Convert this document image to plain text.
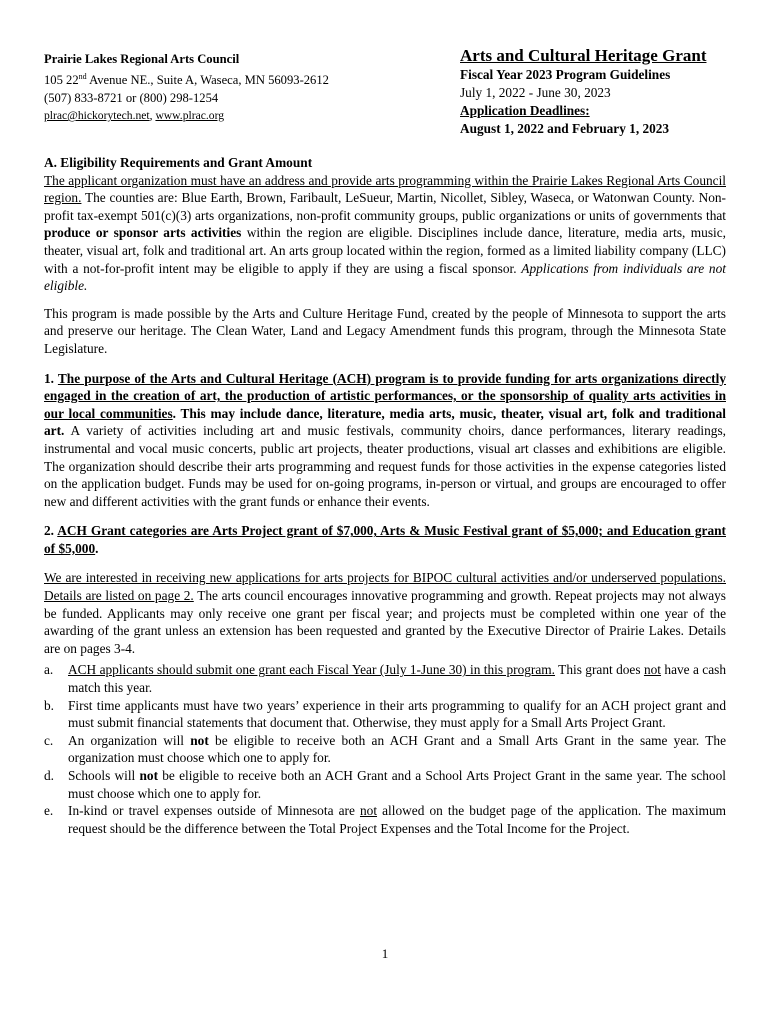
Prairie Lakes Regional Arts Council
105 22nd Avenue NE., Suite A, Waseca, MN 56093-2612
(507) 833-8721 or (800) 298-1254
plrac@hickorytech.net, www.plrac.org
Arts and Cultural Heritage Grant
Fiscal Year 2023 Program Guidelines
July 1, 2022 - June 30, 2023
Application Deadlines:
August 1, 2022 and February 1, 2023

A. Eligibility Requirements and Grant Amount

The applicant organization must have an address and provide arts programming within the Prairie Lakes Regional Arts Council region. The counties are: Blue Earth, Brown, Faribault, LeSueur, Martin, Nicollet, Sibley, Waseca, or Watonwan County. Non-profit tax-exempt 501(c)(3) arts organizations, non-profit community groups, public organizations or units of governments that produce or sponsor arts activities within the region are eligible. Disciplines include dance, literature, media arts, music, theater, visual art, folk and traditional art. An arts group located within the region, formed as a limited liability company (LLC) with a not-for-profit intent may be eligible to apply if they are using a fiscal sponsor. Applications from individuals are not eligible.

This program is made possible by the Arts and Culture Heritage Fund, created by the people of Minnesota to support the arts and preserve our heritage. The Clean Water, Land and Legacy Amendment funds this program, through the Minnesota State Legislature.

1. The purpose of the Arts and Cultural Heritage (ACH) program is to provide funding for arts organizations directly engaged in the creation of art, the production of artistic performances, or the sponsorship of quality arts activities in our local communities. This may include dance, literature, media arts, music, theater, visual art, folk and traditional art. A variety of activities including art and music festivals, community choirs, dance performances, literary readings, instrumental and vocal music concerts, public art projects, theater productions, visual art classes and exhibitions are eligible. The organization should describe their arts programming and request funds for those activities in the expense categories listed on the application budget. Funds may be used for on-going programs, in-person or virtual, and groups are encouraged to offer new and different activities with the grant funds or enhance their events.

2. ACH Grant categories are Arts Project grant of $7,000, Arts & Music Festival grant of $5,000; and Education grant of $5,000.

We are interested in receiving new applications for arts projects for BIPOC cultural activities and/or underserved populations. Details are listed on page 2. The arts council encourages innovative programming and growth. Repeat projects may not always be funded. Applicants may only receive one grant per fiscal year; and projects must be completed within one year of the awarding of the grant unless an extension has been requested and granted by the Executive Director of Prairie Lakes. Details are on pages 3-4.

a. ACH applicants should submit one grant each Fiscal Year (July 1-June 30) in this program. This grant does not have a cash match this year.
b. First time applicants must have two years’ experience in their arts programming to qualify for an ACH project grant and must submit financial statements that document that. Otherwise, they must apply for a Small Arts Project Grant.
c. An organization will not be eligible to receive both an ACH Grant and a Small Arts Grant in the same year. The organization must choose which one to apply for.
d. Schools will not be eligible to receive both an ACH Grant and a School Arts Project Grant in the same year. The school must choose which one to apply for.
e. In-kind or travel expenses outside of Minnesota are not allowed on the budget page of the application. The maximum request should be the difference between the Total Project Expenses and the Total Income for the Project.
1
